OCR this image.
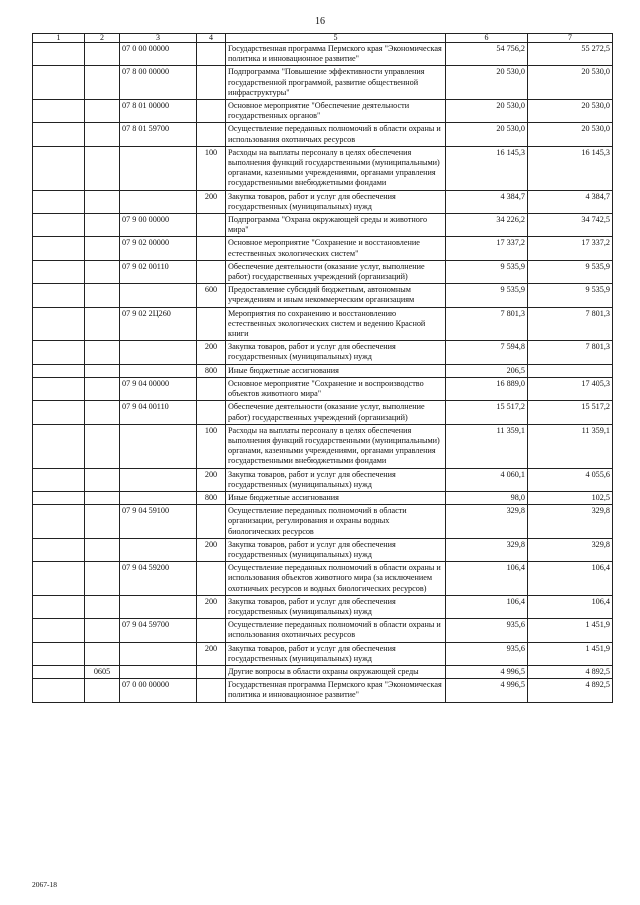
16
1	2	3	4	5	6	7
		07 0 00 00000		Государственная программа Пермского края "Экономическая политика и инновационное развитие"	54 756,2	55 272,5
		07 8 00 00000		Подпрограмма "Повышение эффективности управления государственной программой, развитие общественной инфраструктуры"	20 530,0	20 530,0
		07 8 01 00000		Основное мероприятие "Обеспечение деятельности государственных органов"	20 530,0	20 530,0
		07 8 01 59700		Осуществление переданных полномочий в области охраны и использования охотничьих ресурсов	20 530,0	20 530,0
			100	Расходы на выплаты персоналу в целях обеспечения выполнения функций государственными (муниципальными) органами, казенными учреждениями, органами управления государственными внебюджетными фондами	16 145,3	16 145,3
			200	Закупка товаров, работ и услуг для обеспечения государственных (муниципальных) нужд	4 384,7	4 384,7
		07 9 00 00000		Подпрограмма "Охрана окружающей среды и животного мира"	34 226,2	34 742,5
		07 9 02 00000		Основное мероприятие "Сохранение и восстановление естественных экологических систем"	17 337,2	17 337,2
		07 9 02 00110		Обеспечение деятельности (оказание услуг, выполнение работ) государственных учреждений (организаций)	9 535,9	9 535,9
			600	Предоставление субсидий бюджетным, автономным учреждениям и иным некоммерческим организациям	9 535,9	9 535,9
		07 9 02 2Ц260		Мероприятия по сохранению и восстановлению естественных экологических систем и ведению Красной книги	7 801,3	7 801,3
			200	Закупка товаров, работ и услуг для обеспечения государственных (муниципальных) нужд	7 594,8	7 801,3
			800	Иные бюджетные ассигнования	206,5	
		07 9 04 00000		Основное мероприятие "Сохранение и воспроизводство объектов животного мира"	16 889,0	17 405,3
		07 9 04 00110		Обеспечение деятельности (оказание услуг, выполнение работ) государственных учреждений (организаций)	15 517,2	15 517,2
			100	Расходы на выплаты персоналу в целях обеспечения выполнения функций государственными (муниципальными) органами, казенными учреждениями, органами управления государственными внебюджетными фондами	11 359,1	11 359,1
			200	Закупка товаров, работ и услуг для обеспечения государственных (муниципальных) нужд	4 060,1	4 055,6
			800	Иные бюджетные ассигнования	98,0	102,5
		07 9 04 59100		Осуществление переданных полномочий в области организации, регулирования и охраны водных биологических ресурсов	329,8	329,8
			200	Закупка товаров, работ и услуг для обеспечения государственных (муниципальных) нужд	329,8	329,8
		07 9 04 59200		Осуществление переданных полномочий в области охраны и использования объектов животного мира (за исключением охотничьих ресурсов и водных биологических ресурсов)	106,4	106,4
			200	Закупка товаров, работ и услуг для обеспечения государственных (муниципальных) нужд	106,4	106,4
		07 9 04 59700		Осуществление переданных полномочий в области охраны и использования охотничьих ресурсов	935,6	1 451,9
			200	Закупка товаров, работ и услуг для обеспечения государственных (муниципальных) нужд	935,6	1 451,9
	0605			Другие вопросы в области охраны окружающей среды	4 996,5	4 892,5
		07 0 00 00000		Государственная программа Пермского края "Экономическая политика и инновационное развитие"	4 996,5	4 892,5
2067-18
